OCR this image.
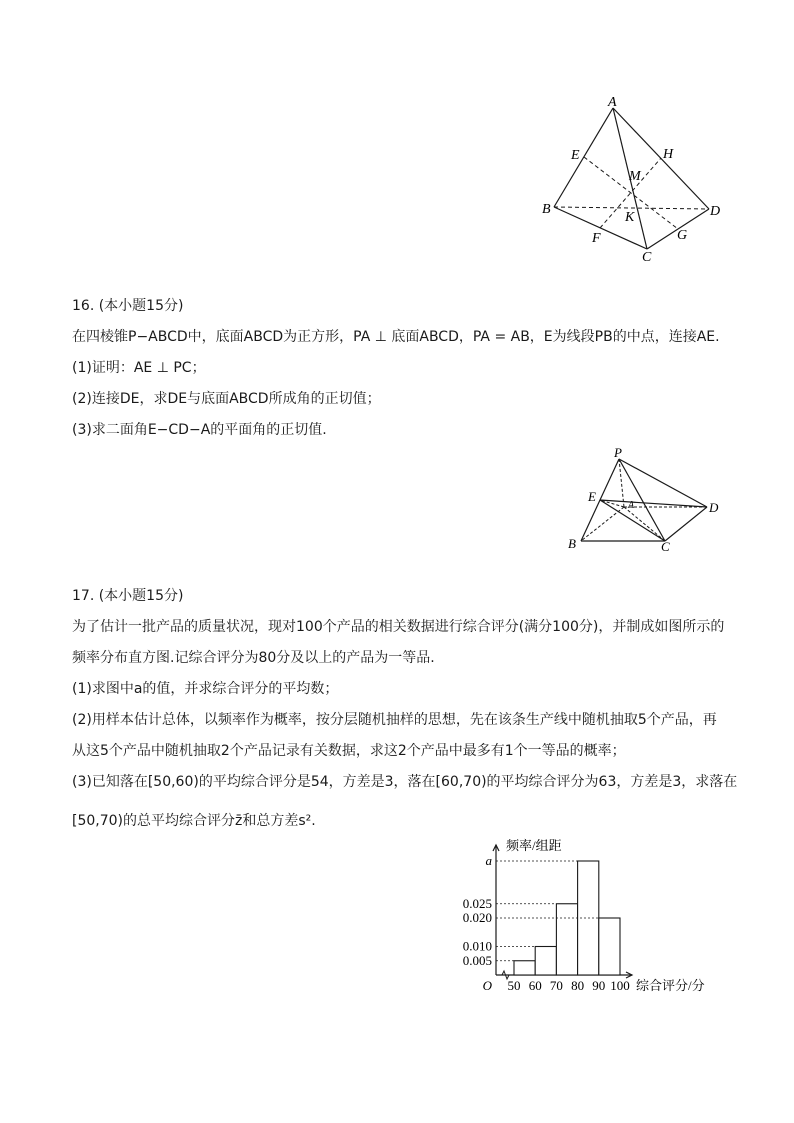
A
E	H
M
K
B	D
F	G
C
16. (本小题15分)
在四棱锥P−ABCD中，底面ABCD为正方形，PA ⊥ 底面ABCD，PA = AB，E为线段PB的中点，连接AE.
(1)证明：AE ⊥ PC；
(2)连接DE，求DE与底面ABCD所成角的正切值；
(3)求二面角E−CD−A的平面角的正切值.
P
E
A	D
B	C
17. (本小题15分)
为了估计一批产品的质量状况，现对100个产品的相关数据进行综合评分(满分100分)，并制成如图所示的
频率分布直方图.记综合评分为80分及以上的产品为一等品.
(1)求图中a的值，并求综合评分的平均数；
(2)用样本估计总体，以频率作为概率，按分层随机抽样的思想，先在该条生产线中随机抽取5个产品，再
从这5个产品中随机抽取2个产品记录有关数据，求这2个产品中最多有1个一等品的概率；
(3)已知落在[50,60)的平均综合评分是54，方差是3，落在[60,70)的平均综合评分为63，方差是3，求落在
[50,70)的总平均综合评分z̄和总方差s².
0.005
0.010
0.020
0.025
a
50 60 70 80 90 100
O
频率/组距
综合评分/分
